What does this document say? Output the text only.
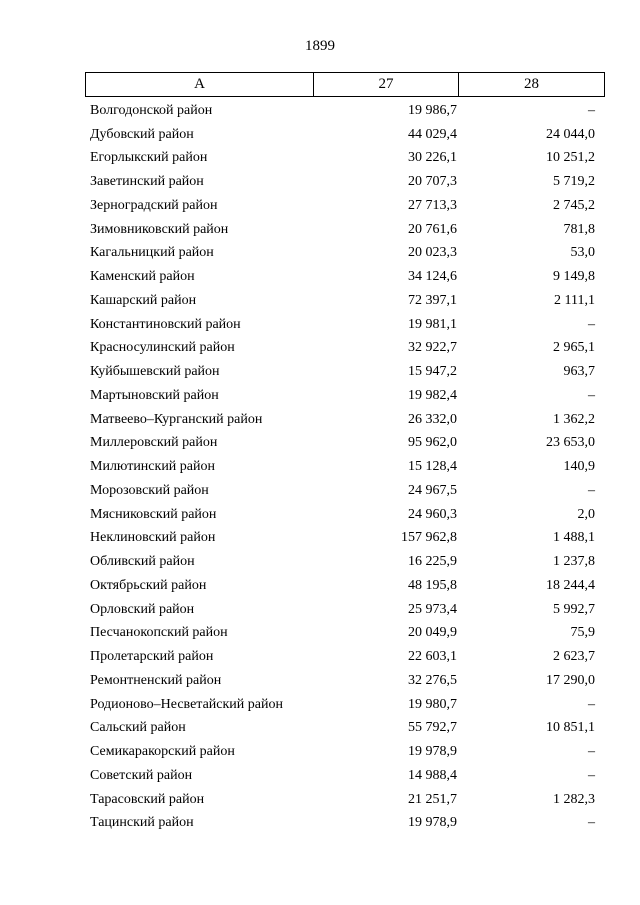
1899
А	27	28
Волгодонской район	19 986,7	–
Дубовский район	44 029,4	24 044,0
Егорлыкский район	30 226,1	10 251,2
Заветинский район	20 707,3	5 719,2
Зерноградский район	27 713,3	2 745,2
Зимовниковский район	20 761,6	781,8
Кагальницкий район	20 023,3	53,0
Каменский район	34 124,6	9 149,8
Кашарский район	72 397,1	2 111,1
Константиновский район	19 981,1	–
Красносулинский район	32 922,7	2 965,1
Куйбышевский район	15 947,2	963,7
Мартыновский район	19 982,4	–
Матвеево–Курганский район	26 332,0	1 362,2
Миллеровский район	95 962,0	23 653,0
Милютинский район	15 128,4	140,9
Морозовский район	24 967,5	–
Мясниковский район	24 960,3	2,0
Неклиновский район	157 962,8	1 488,1
Обливский район	16 225,9	1 237,8
Октябрьский район	48 195,8	18 244,4
Орловский район	25 973,4	5 992,7
Песчанокопский район	20 049,9	75,9
Пролетарский район	22 603,1	2 623,7
Ремонтненский район	32 276,5	17 290,0
Родионово–Несветайский район	19 980,7	–
Сальский район	55 792,7	10 851,1
Семикаракорский район	19 978,9	–
Советский район	14 988,4	–
Тарасовский район	21 251,7	1 282,3
Тацинский район	19 978,9	–
